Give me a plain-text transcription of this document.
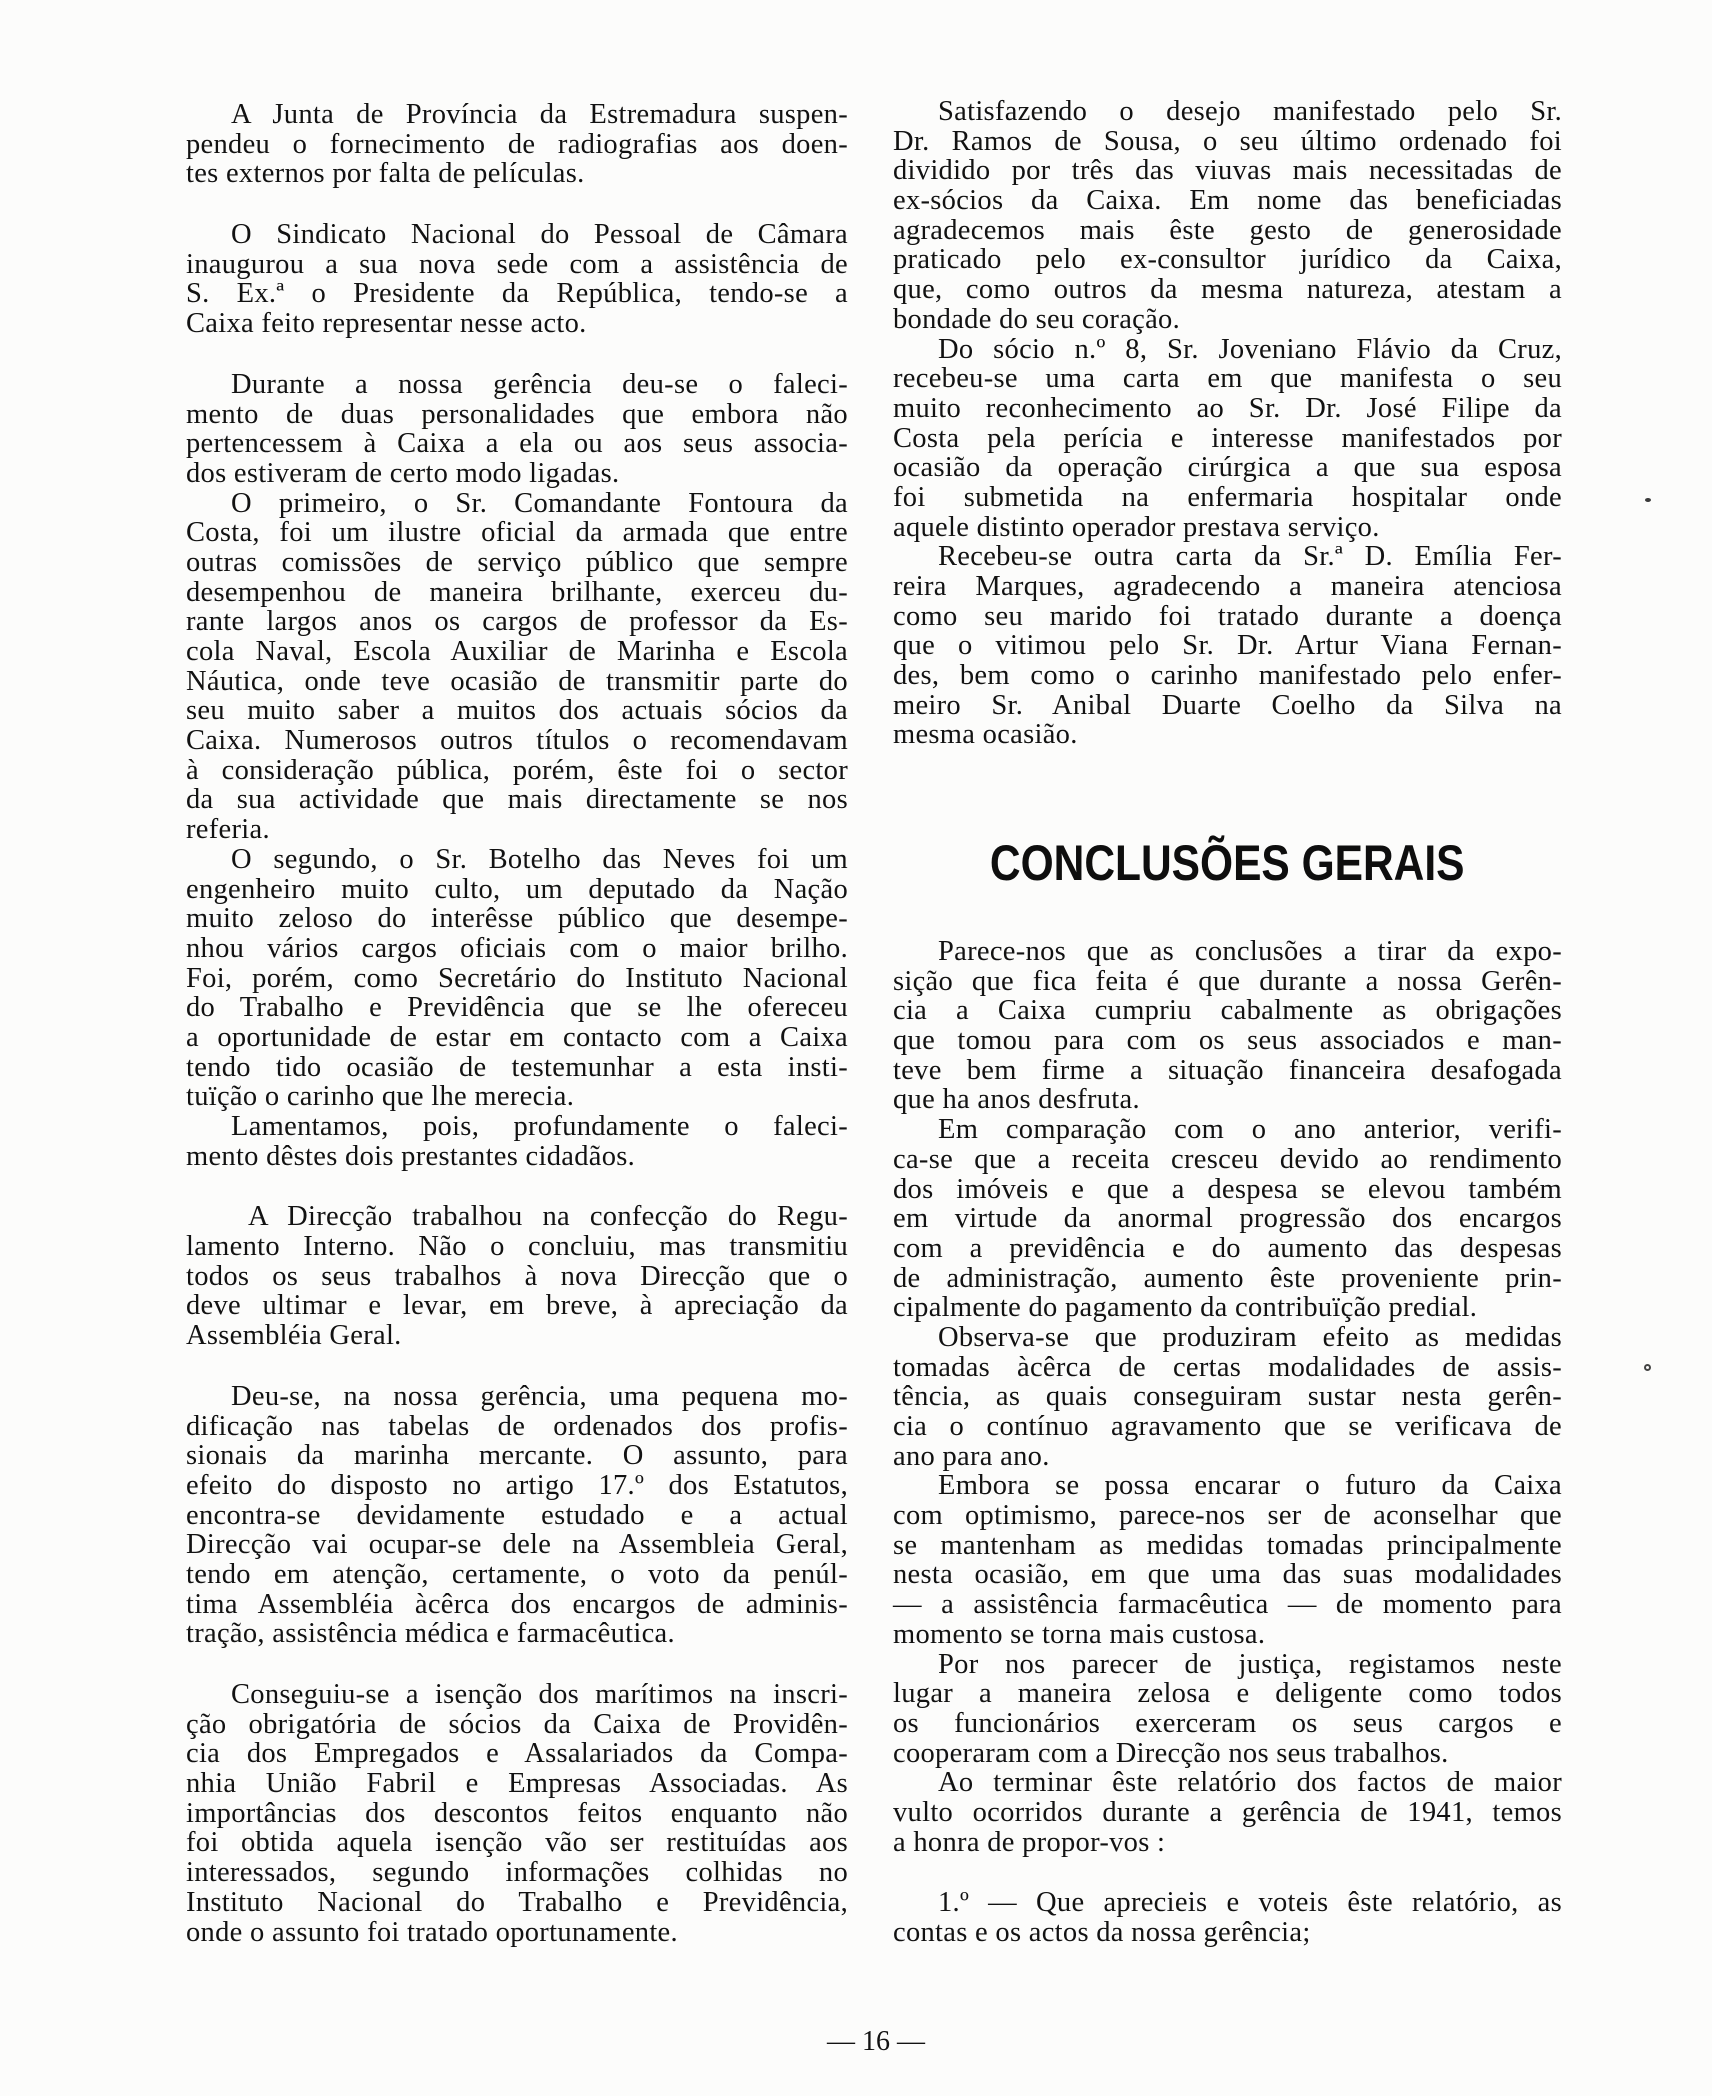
A Junta de Província da Estremadura suspen-
pendeu o fornecimento de radiografias aos doen-
tes externos por falta de películas.
O Sindicato Nacional do Pessoal de Câmara
inaugurou a sua nova sede com a assistência de
S. Ex.ª o Presidente da República, tendo-se a
Caixa feito representar nesse acto.
Durante a nossa gerência deu-se o faleci-
mento de duas personalidades que embora não
pertencessem à Caixa a ela ou aos seus associa-
dos estiveram de certo modo ligadas.
O primeiro, o Sr. Comandante Fontoura da
Costa, foi um ilustre oficial da armada que entre
outras comissões de serviço público que sempre
desempenhou de maneira brilhante, exerceu du-
rante largos anos os cargos de professor da Es-
cola Naval, Escola Auxiliar de Marinha e Escola
Náutica, onde teve ocasião de transmitir parte do
seu muito saber a muitos dos actuais sócios da
Caixa. Numerosos outros títulos o recomendavam
à consideração pública, porém, êste foi o sector
da sua actividade que mais directamente se nos
referia.
O segundo, o Sr. Botelho das Neves foi um
engenheiro muito culto, um deputado da Nação
muito zeloso do interêsse público que desempe-
nhou vários cargos oficiais com o maior brilho.
Foi, porém, como Secretário do Instituto Nacional
do Trabalho e Previdência que se lhe ofereceu
a oportunidade de estar em contacto com a Caixa
tendo tido ocasião de testemunhar a esta insti-
tuïção o carinho que lhe merecia.
Lamentamos, pois, profundamente o faleci-
mento dêstes dois prestantes cidadãos.
A Direcção trabalhou na confecção do Regu-
lamento Interno. Não o concluiu, mas transmitiu
todos os seus trabalhos à nova Direcção que o
deve ultimar e levar, em breve, à apreciação da
Assembléia Geral.
Deu-se, na nossa gerência, uma pequena mo-
dificação nas tabelas de ordenados dos profis-
sionais da marinha mercante. O assunto, para
efeito do disposto no artigo 17.º dos Estatutos,
encontra-se devidamente estudado e a actual
Direcção vai ocupar-se dele na Assembleia Geral,
tendo em atenção, certamente, o voto da penúl-
tima Assembléia àcêrca dos encargos de adminis-
tração, assistência médica e farmacêutica.
Conseguiu-se a isenção dos marítimos na inscri-
ção obrigatória de sócios da Caixa de Providên-
cia dos Empregados e Assalariados da Compa-
nhia União Fabril e Empresas Associadas. As
importâncias dos descontos feitos enquanto não
foi obtida aquela isenção vão ser restituídas aos
interessados, segundo informações colhidas no
Instituto Nacional do Trabalho e Previdência,
onde o assunto foi tratado oportunamente.
Satisfazendo o desejo manifestado pelo Sr.
Dr. Ramos de Sousa, o seu último ordenado foi
dividido por três das viuvas mais necessitadas de
ex-sócios da Caixa. Em nome das beneficiadas
agradecemos mais êste gesto de generosidade
praticado pelo ex-consultor jurídico da Caixa,
que, como outros da mesma natureza, atestam a
bondade do seu coração.
Do sócio n.º 8, Sr. Joveniano Flávio da Cruz,
recebeu-se uma carta em que manifesta o seu
muito reconhecimento ao Sr. Dr. José Filipe da
Costa pela perícia e interesse manifestados por
ocasião da operação cirúrgica a que sua esposa
foi submetida na enfermaria hospitalar onde
aquele distinto operador prestava serviço.
Recebeu-se outra carta da Sr.ª D. Emília Fer-
reira Marques, agradecendo a maneira atenciosa
como seu marido foi tratado durante a doença
que o vitimou pelo Sr. Dr. Artur Viana Fernan-
des, bem como o carinho manifestado pelo enfer-
meiro Sr. Anibal Duarte Coelho da Silva na
mesma ocasião.
CONCLUSÕES GERAIS
Parece-nos que as conclusões a tirar da expo-
sição que fica feita é que durante a nossa Gerên-
cia a Caixa cumpriu cabalmente as obrigações
que tomou para com os seus associados e man-
teve bem firme a situação financeira desafogada
que ha anos desfruta.
Em comparação com o ano anterior, verifi-
ca-se que a receita cresceu devido ao rendimento
dos imóveis e que a despesa se elevou também
em virtude da anormal progressão dos encargos
com a previdência e do aumento das despesas
de administração, aumento êste proveniente prin-
cipalmente do pagamento da contribuïção predial.
Observa-se que produziram efeito as medidas
tomadas àcêrca de certas modalidades de assis-
tência, as quais conseguiram sustar nesta gerên-
cia o contínuo agravamento que se verificava de
ano para ano.
Embora se possa encarar o futuro da Caixa
com optimismo, parece-nos ser de aconselhar que
se mantenham as medidas tomadas principalmente
nesta ocasião, em que uma das suas modalidades
— a assistência farmacêutica — de momento para
momento se torna mais custosa.
Por nos parecer de justiça, registamos neste
lugar a maneira zelosa e deligente como todos
os funcionários exerceram os seus cargos e
cooperaram com a Direcção nos seus trabalhos.
Ao terminar êste relatório dos factos de maior
vulto ocorridos durante a gerência de 1941, temos
a honra de propor-vos :
1.º — Que aprecieis e voteis êste relatório, as
contas e os actos da nossa gerência;
— 16 —
